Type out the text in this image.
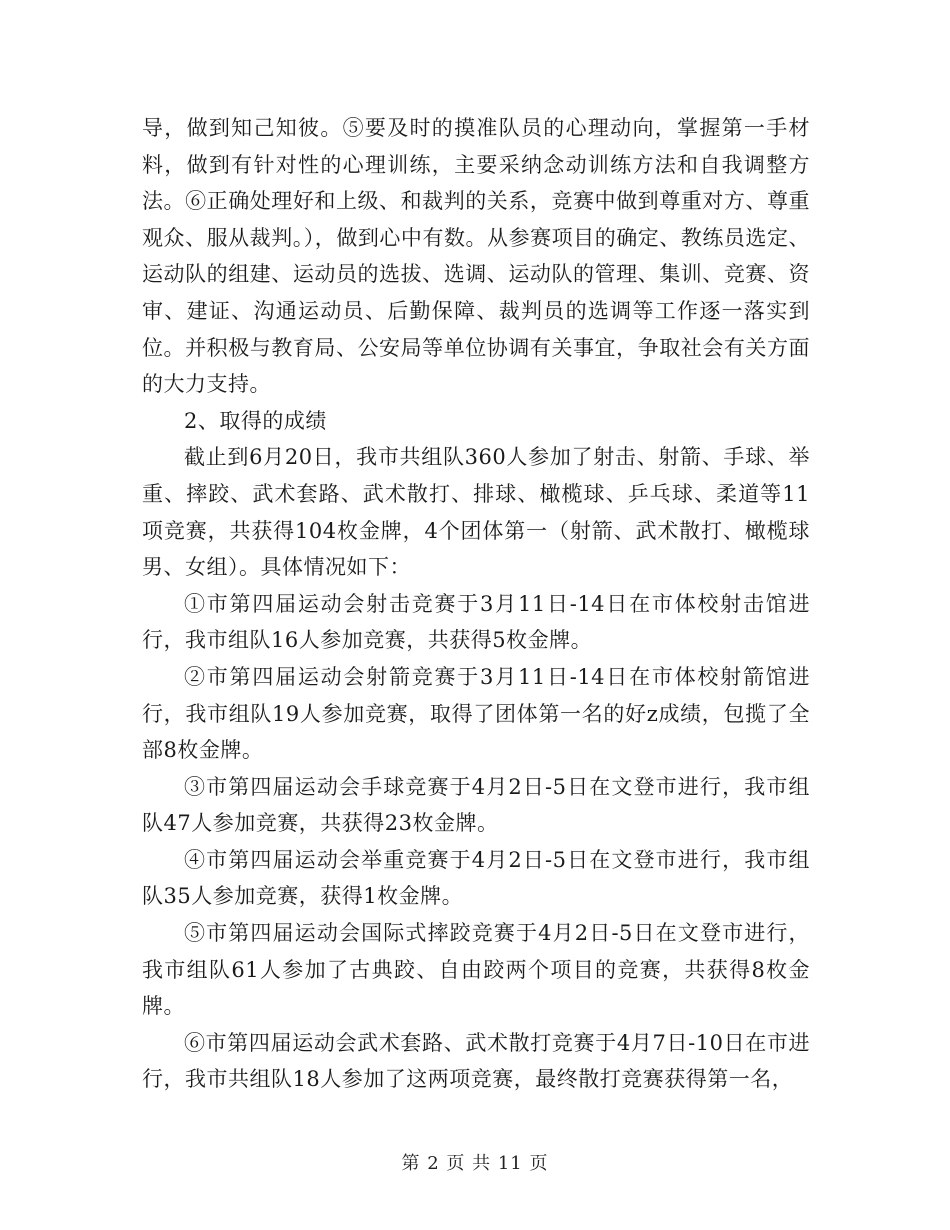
导，做到知己知彼。⑤要及时的摸准队员的心理动向，掌握第一手材料，做到有针对性的心理训练，主要采纳念动训练方法和自我调整方法。⑥正确处理好和上级、和裁判的关系，竞赛中做到尊重对方、尊重观众、服从裁判。），做到心中有数。从参赛项目的确定、教练员选定、运动队的组建、运动员的选拔、选调、运动队的管理、集训、竞赛、资审、建证、沟通运动员、后勤保障、裁判员的选调等工作逐一落实到位。并积极与教育局、公安局等单位协调有关事宜，争取社会有关方面的大力支持。

2、取得的成绩

截止到6月20日，我市共组队360人参加了射击、射箭、手球、举重、摔跤、武术套路、武术散打、排球、橄榄球、乒乓球、柔道等11项竞赛，共获得104枚金牌，4个团体第一（射箭、武术散打、橄榄球男、女组）。具体情况如下：

①市第四届运动会射击竞赛于3月11日-14日在市体校射击馆进行，我市组队16人参加竞赛，共获得5枚金牌。

②市第四届运动会射箭竞赛于3月11日-14日在市体校射箭馆进行，我市组队19人参加竞赛，取得了团体第一名的好z成绩，包揽了全部8枚金牌。

③市第四届运动会手球竞赛于4月2日-5日在文登市进行，我市组队47人参加竞赛，共获得23枚金牌。

④市第四届运动会举重竞赛于4月2日-5日在文登市进行，我市组队35人参加竞赛，获得1枚金牌。

⑤市第四届运动会国际式摔跤竞赛于4月2日-5日在文登市进行，我市组队61人参加了古典跤、自由跤两个项目的竞赛，共获得8枚金牌。

⑥市第四届运动会武术套路、武术散打竞赛于4月7日-10日在市进行，我市共组队18人参加了这两项竞赛，最终散打竞赛获得第一名，

第 2 页 共 11 页
